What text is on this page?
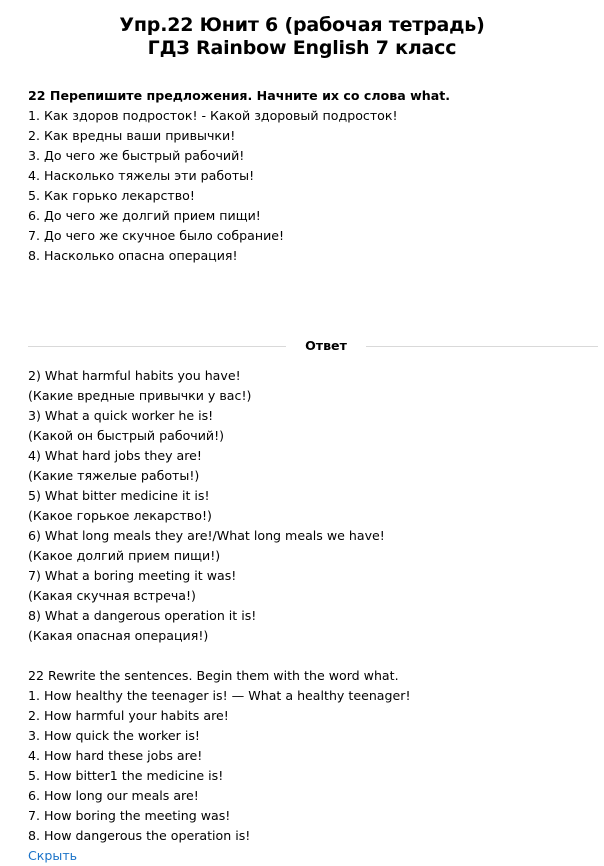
Упр.22 Юнит 6 (рабочая тетрадь)
ГДЗ Rainbow English 7 класс
22 Перепишите предложения. Начните их со слова what.
1. Как здоров подросток! - Какой здоровый подросток!
2. Как вредны ваши привычки!
3. До чего же быстрый рабочий!
4. Насколько тяжелы эти работы!
5. Как горько лекарство!
6. До чего же долгий прием пищи!
7. До чего же скучное было собрание!
8. Насколько опасна операция!
Ответ
2) What harmful habits you have!
(Какие вредные привычки у вас!)
3) What a quick worker he is!
(Какой он быстрый рабочий!)
4) What hard jobs they are!
(Какие тяжелые работы!)
5) What bitter medicine it is!
(Какое горькое лекарство!)
6) What long meals they are!/What long meals we have!
(Какое долгий прием пищи!)
7) What a boring meeting it was!
(Какая скучная встреча!)
8) What a dangerous operation it is!
(Какая опасная операция!)
22 Rewrite the sentences. Begin them with the word what.
1. How healthy the teenager is! — What a healthy teenager!
2. How harmful your habits are!
3. How quick the worker is!
4. How hard these jobs are!
5. How bitter1 the medicine is!
6. How long our meals are!
7. How boring the meeting was!
8. How dangerous the operation is!
Скрыть
